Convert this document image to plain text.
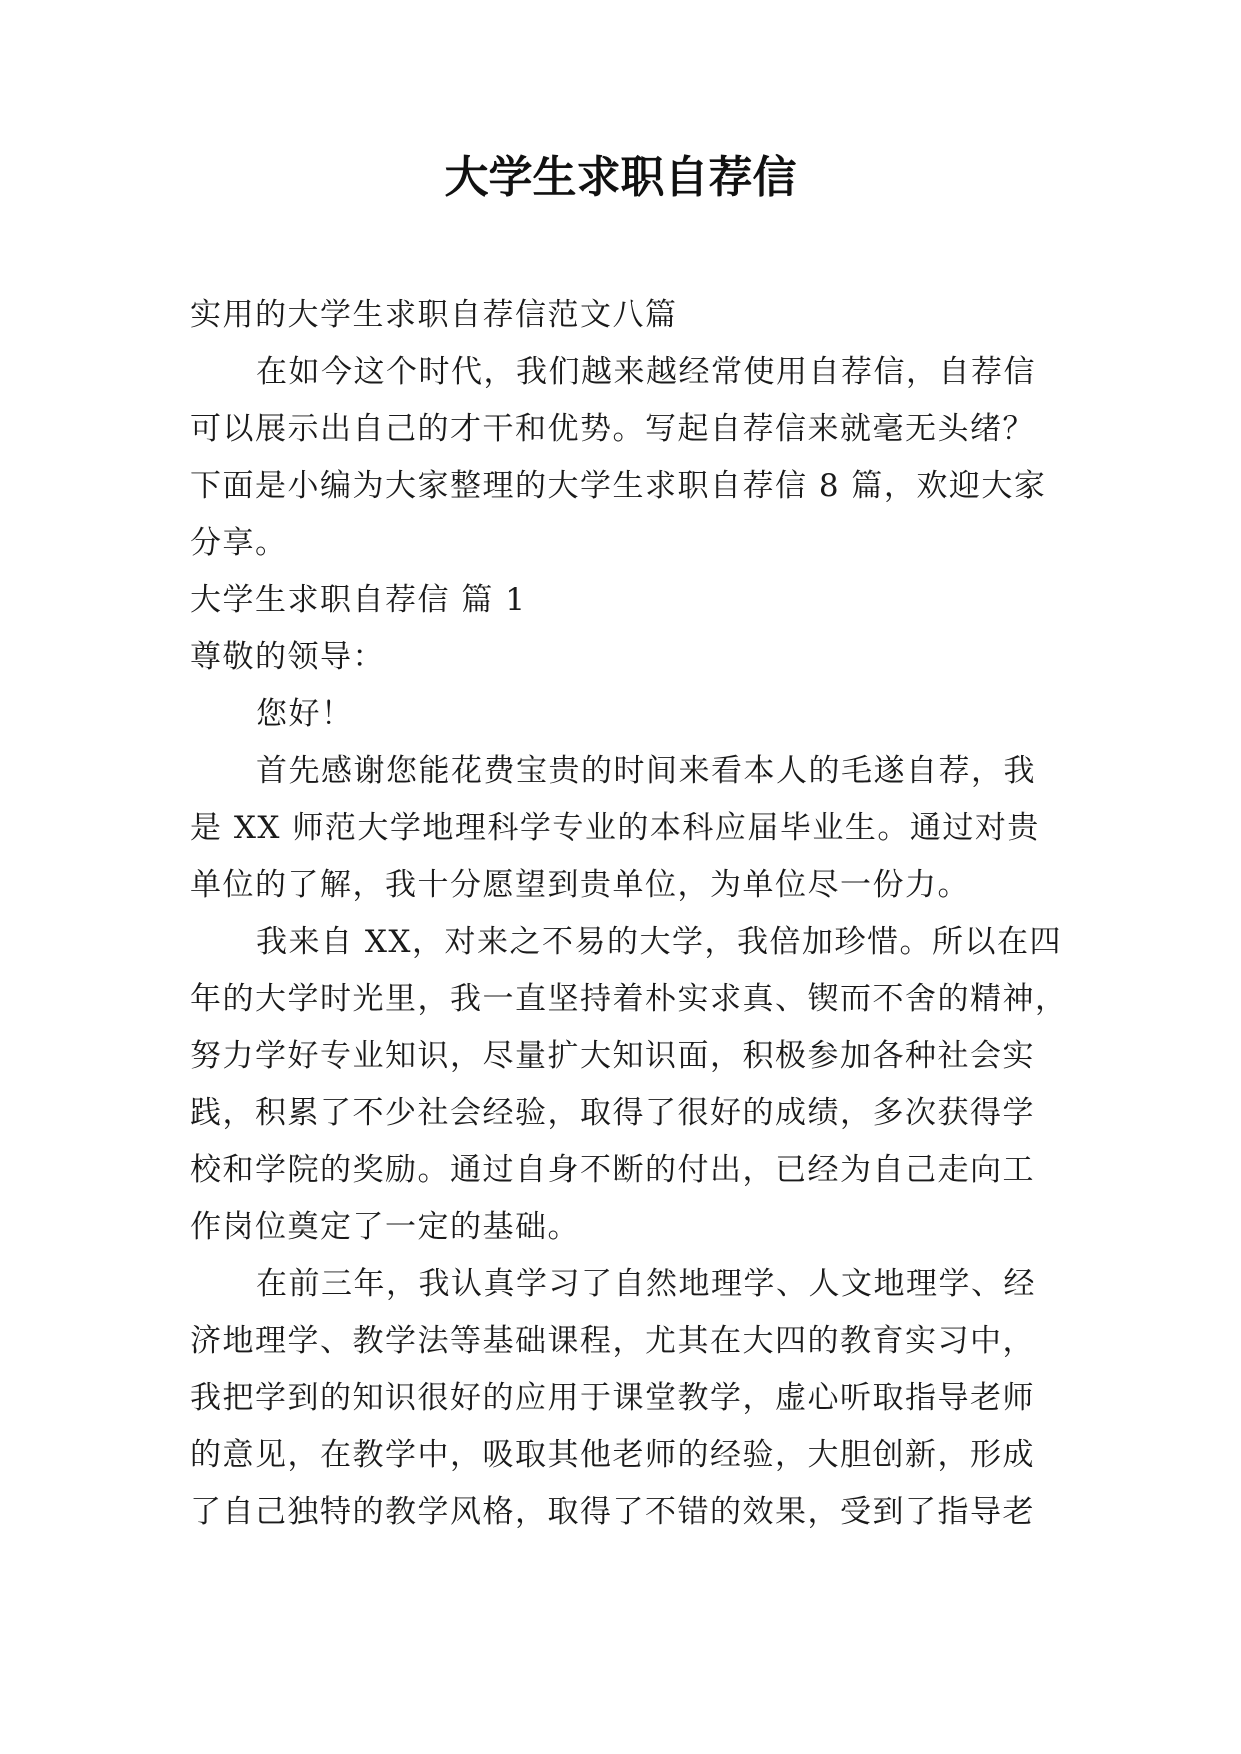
大学生求职自荐信

实用的大学生求职自荐信范文八篇

在如今这个时代，我们越来越经常使用自荐信，自荐信

可以展示出自己的才干和优势。写起自荐信来就毫无头绪？

下面是小编为大家整理的大学生求职自荐信 8 篇，欢迎大家

分享。

大学生求职自荐信 篇 1

尊敬的领导：

您好！

首先感谢您能花费宝贵的时间来看本人的毛遂自荐，我

是 XX 师范大学地理科学专业的本科应届毕业生。通过对贵

单位的了解，我十分愿望到贵单位，为单位尽一份力。

我来自 XX，对来之不易的大学，我倍加珍惜。所以在四

年的大学时光里，我一直坚持着朴实求真、锲而不舍的精神，

努力学好专业知识，尽量扩大知识面，积极参加各种社会实

践，积累了不少社会经验，取得了很好的成绩，多次获得学

校和学院的奖励。通过自身不断的付出，已经为自己走向工

作岗位奠定了一定的基础。

在前三年，我认真学习了自然地理学、人文地理学、经

济地理学、教学法等基础课程，尤其在大四的教育实习中，

我把学到的知识很好的应用于课堂教学，虚心听取指导老师

的意见，在教学中，吸取其他老师的经验，大胆创新，形成

了自己独特的教学风格，取得了不错的效果，受到了指导老
